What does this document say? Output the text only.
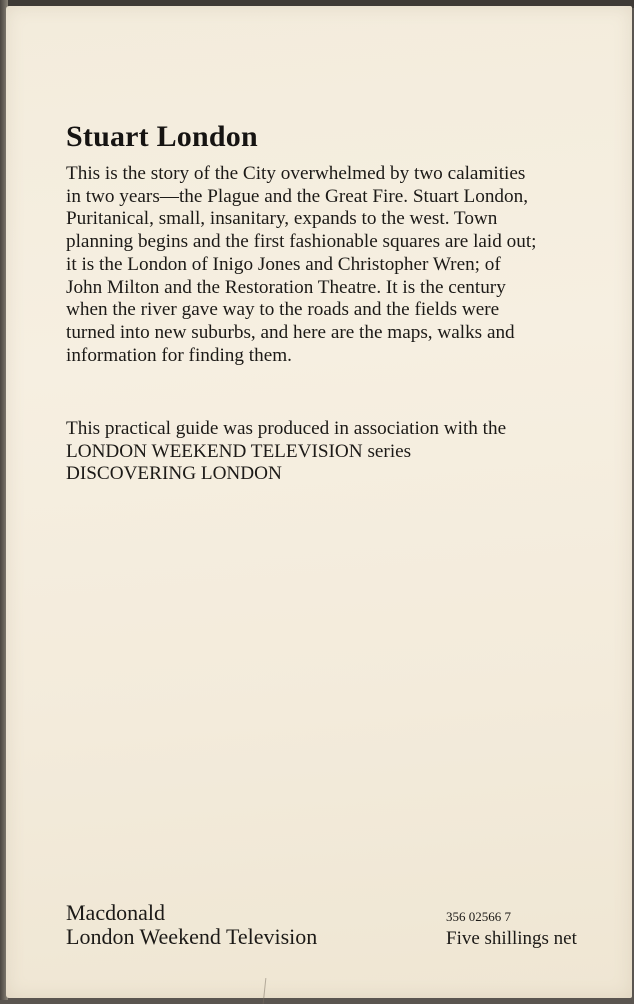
Stuart London

This is the story of the City overwhelmed by two calamities
in two years—the Plague and the Great Fire. Stuart London,
Puritanical, small, insanitary, expands to the west. Town
planning begins and the first fashionable squares are laid out;
it is the London of Inigo Jones and Christopher Wren; of
John Milton and the Restoration Theatre. It is the century
when the river gave way to the roads and the fields were
turned into new suburbs, and here are the maps, walks and
information for finding them.

This practical guide was produced in association with the
LONDON WEEKEND TELEVISION series
DISCOVERING LONDON

Macdonald
London Weekend Television
356 02566 7
Five shillings net
